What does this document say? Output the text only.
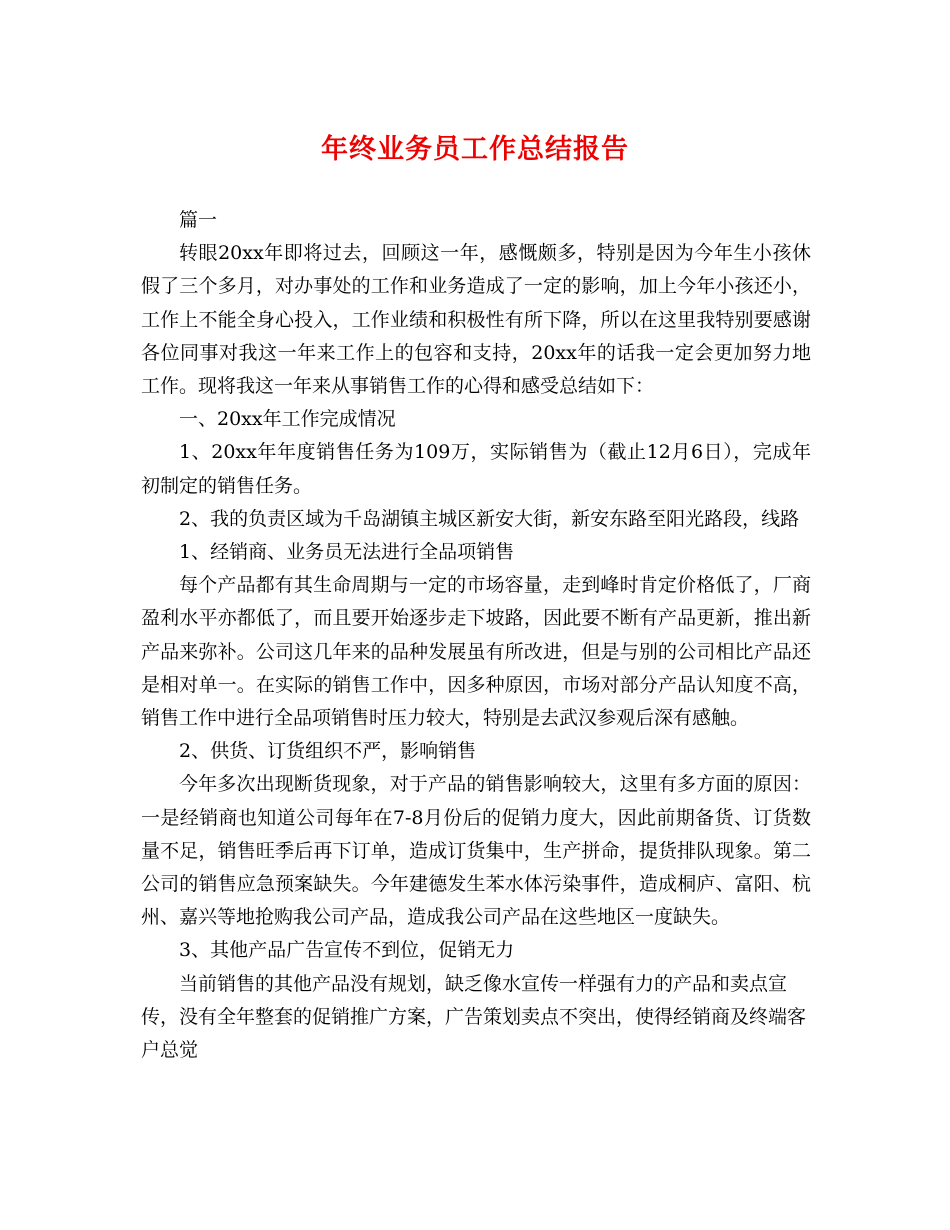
年终业务员工作总结报告

篇一

转眼20xx年即将过去，回顾这一年，感慨颇多，特别是因为今年生小孩休假了三个多月，对办事处的工作和业务造成了一定的影响，加上今年小孩还小，工作上不能全身心投入，工作业绩和积极性有所下降，所以在这里我特别要感谢各位同事对我这一年来工作上的包容和支持，20xx年的话我一定会更加努力地工作。现将我这一年来从事销售工作的心得和感受总结如下：

一、20xx年工作完成情况

1、20xx年年度销售任务为109万，实际销售为（截止12月6日），完成年初制定的销售任务。

2、我的负责区域为千岛湖镇主城区新安大街，新安东路至阳光路段，线路

1、经销商、业务员无法进行全品项销售

每个产品都有其生命周期与一定的市场容量，走到峰时肯定价格低了，厂商盈利水平亦都低了，而且要开始逐步走下坡路，因此要不断有产品更新，推出新产品来弥补。公司这几年来的品种发展虽有所改进，但是与别的公司相比产品还是相对单一。在实际的销售工作中，因多种原因，市场对部分产品认知度不高，销售工作中进行全品项销售时压力较大，特别是去武汉参观后深有感触。

2、供货、订货组织不严，影响销售

今年多次出现断货现象，对于产品的销售影响较大，这里有多方面的原因：一是经销商也知道公司每年在7-8月份后的促销力度大，因此前期备货、订货数量不足，销售旺季后再下订单，造成订货集中，生产拼命，提货排队现象。第二公司的销售应急预案缺失。今年建德发生苯水体污染事件，造成桐庐、富阳、杭州、嘉兴等地抢购我公司产品，造成我公司产品在这些地区一度缺失。

3、其他产品广告宣传不到位，促销无力

当前销售的其他产品没有规划，缺乏像水宣传一样强有力的产品和卖点宣传，没有全年整套的促销推广方案，广告策划卖点不突出，使得经销商及终端客户总觉
